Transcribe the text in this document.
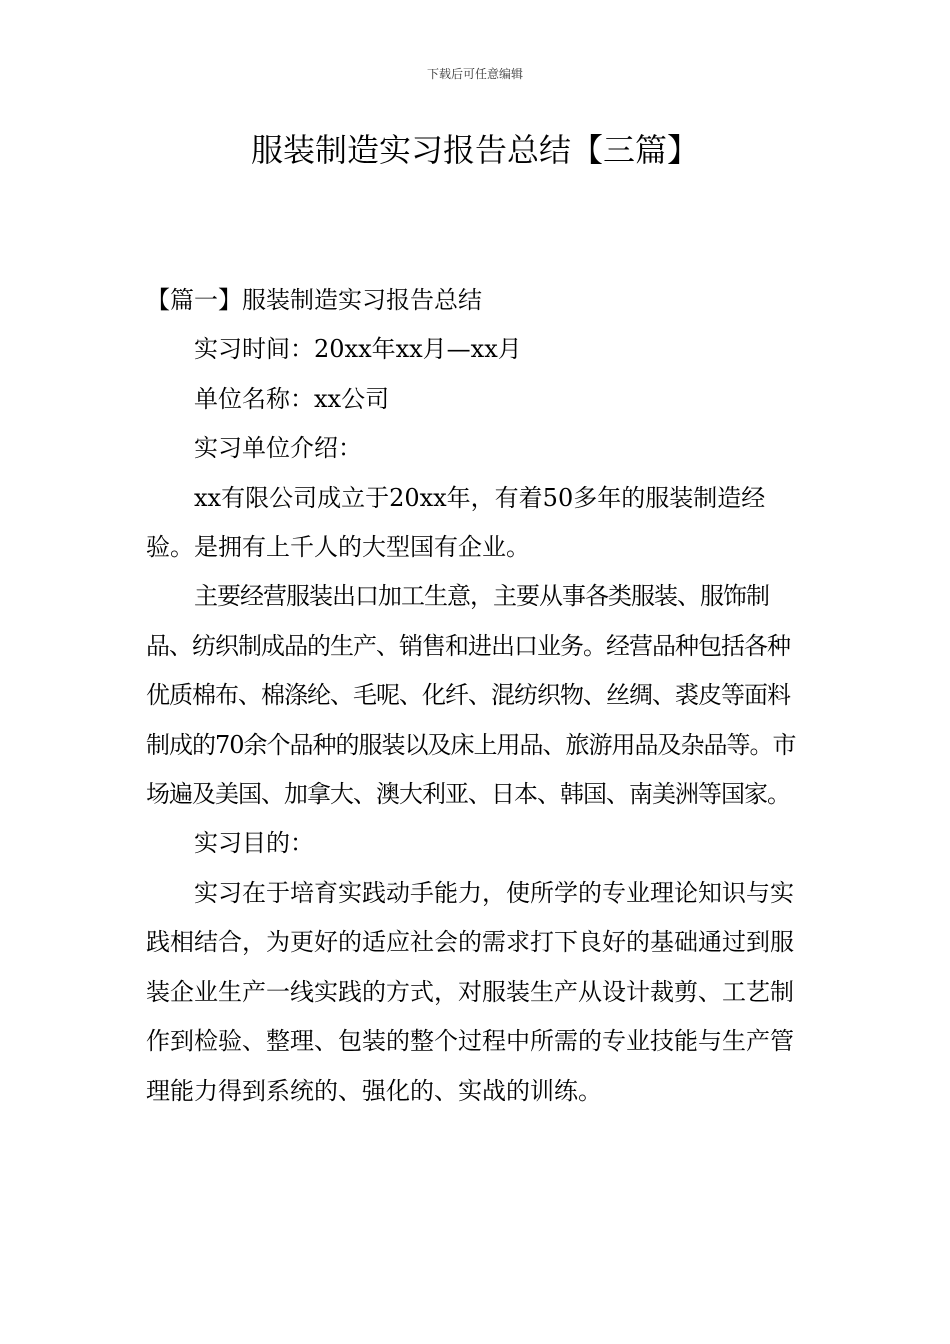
下载后可任意编辑
服装制造实习报告总结【三篇】

【篇一】服装制造实习报告总结

实习时间：20xx年xx月—xx月

单位名称：xx公司

实习单位介绍：

xx有限公司成立于20xx年，有着50多年的服装制造经验。是拥有上千人的大型国有企业。

主要经营服装出口加工生意，主要从事各类服装、服饰制品、纺织制成品的生产、销售和进出口业务。经营品种包括各种优质棉布、棉涤纶、毛呢、化纤、混纺织物、丝绸、裘皮等面料制成的70余个品种的服装以及床上用品、旅游用品及杂品等。市场遍及美国、加拿大、澳大利亚、日本、韩国、南美洲等国家。

实习目的：

实习在于培育实践动手能力，使所学的专业理论知识与实践相结合，为更好的适应社会的需求打下良好的基础通过到服装企业生产一线实践的方式，对服装生产从设计裁剪、工艺制作到检验、整理、包装的整个过程中所需的专业技能与生产管理能力得到系统的、强化的、实战的训练。
